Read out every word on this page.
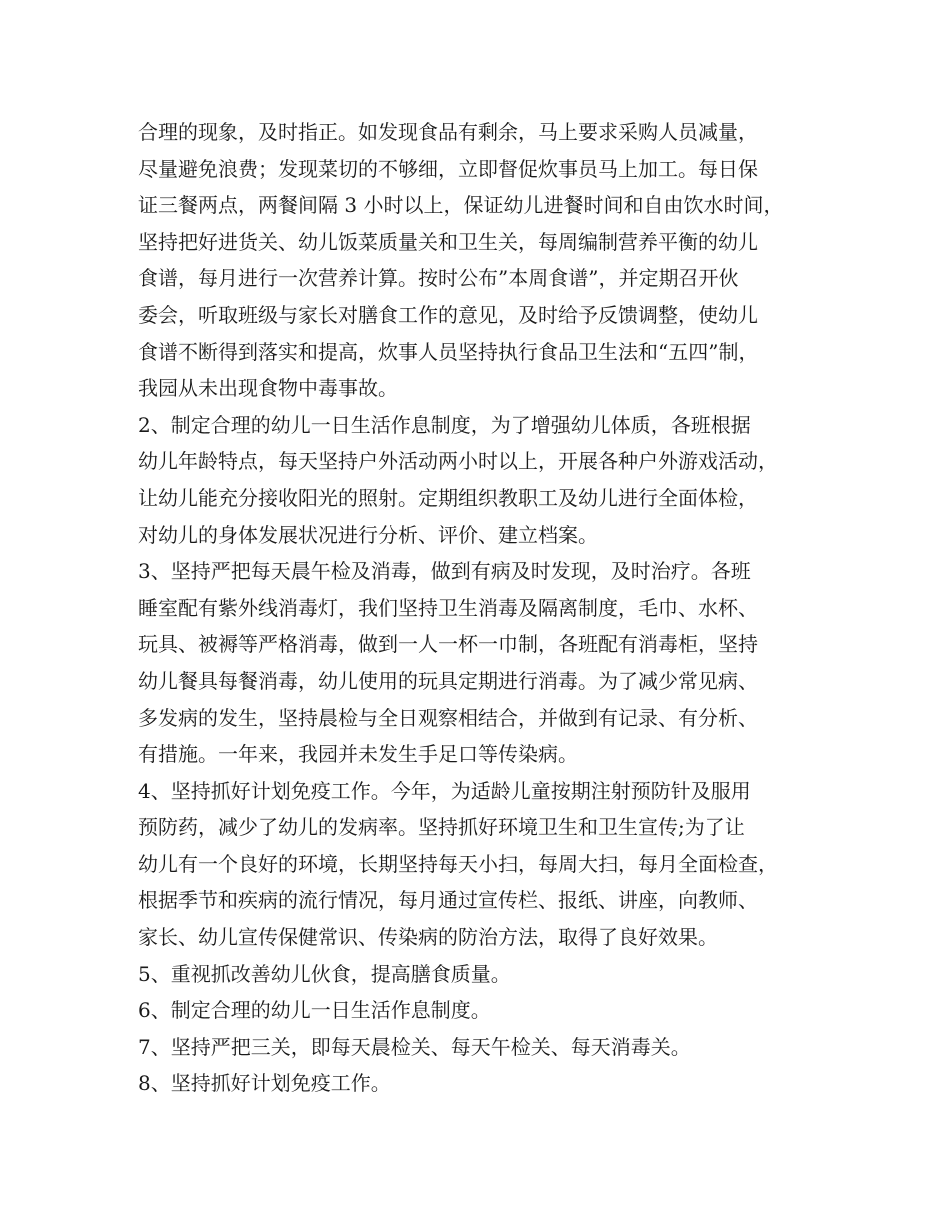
合理的现象，及时指正。如发现食品有剩余，马上要求采购人员减量，
尽量避免浪费；发现菜切的不够细，立即督促炊事员马上加工。每日保
证三餐两点，两餐间隔 3 小时以上，保证幼儿进餐时间和自由饮水时间，
坚持把好进货关、幼儿饭菜质量关和卫生关，每周编制营养平衡的幼儿
食谱，每月进行一次营养计算。按时公布”本周食谱”，并定期召开伙
委会，听取班级与家长对膳食工作的意见，及时给予反馈调整，使幼儿
食谱不断得到落实和提高，炊事人员坚持执行食品卫生法和“五四”制，
我园从未出现食物中毒事故。
2、制定合理的幼儿一日生活作息制度，为了增强幼儿体质，各班根据
幼儿年龄特点，每天坚持户外活动两小时以上，开展各种户外游戏活动，
让幼儿能充分接收阳光的照射。定期组织教职工及幼儿进行全面体检，
对幼儿的身体发展状况进行分析、评价、建立档案。
3、坚持严把每天晨午检及消毒，做到有病及时发现，及时治疗。各班
睡室配有紫外线消毒灯，我们坚持卫生消毒及隔离制度，毛巾、水杯、
玩具、被褥等严格消毒，做到一人一杯一巾制，各班配有消毒柜，坚持
幼儿餐具每餐消毒，幼儿使用的玩具定期进行消毒。为了减少常见病、
多发病的发生，坚持晨检与全日观察相结合，并做到有记录、有分析、
有措施。一年来，我园并未发生手足口等传染病。
4、坚持抓好计划免疫工作。今年，为适龄儿童按期注射预防针及服用
预防药，减少了幼儿的发病率。坚持抓好环境卫生和卫生宣传;为了让
幼儿有一个良好的环境，长期坚持每天小扫，每周大扫，每月全面检查，
根据季节和疾病的流行情况，每月通过宣传栏、报纸、讲座，向教师、
家长、幼儿宣传保健常识、传染病的防治方法，取得了良好效果。
5、重视抓改善幼儿伙食，提高膳食质量。
6、制定合理的幼儿一日生活作息制度。
7、坚持严把三关，即每天晨检关、每天午检关、每天消毒关。
8、坚持抓好计划免疫工作。
